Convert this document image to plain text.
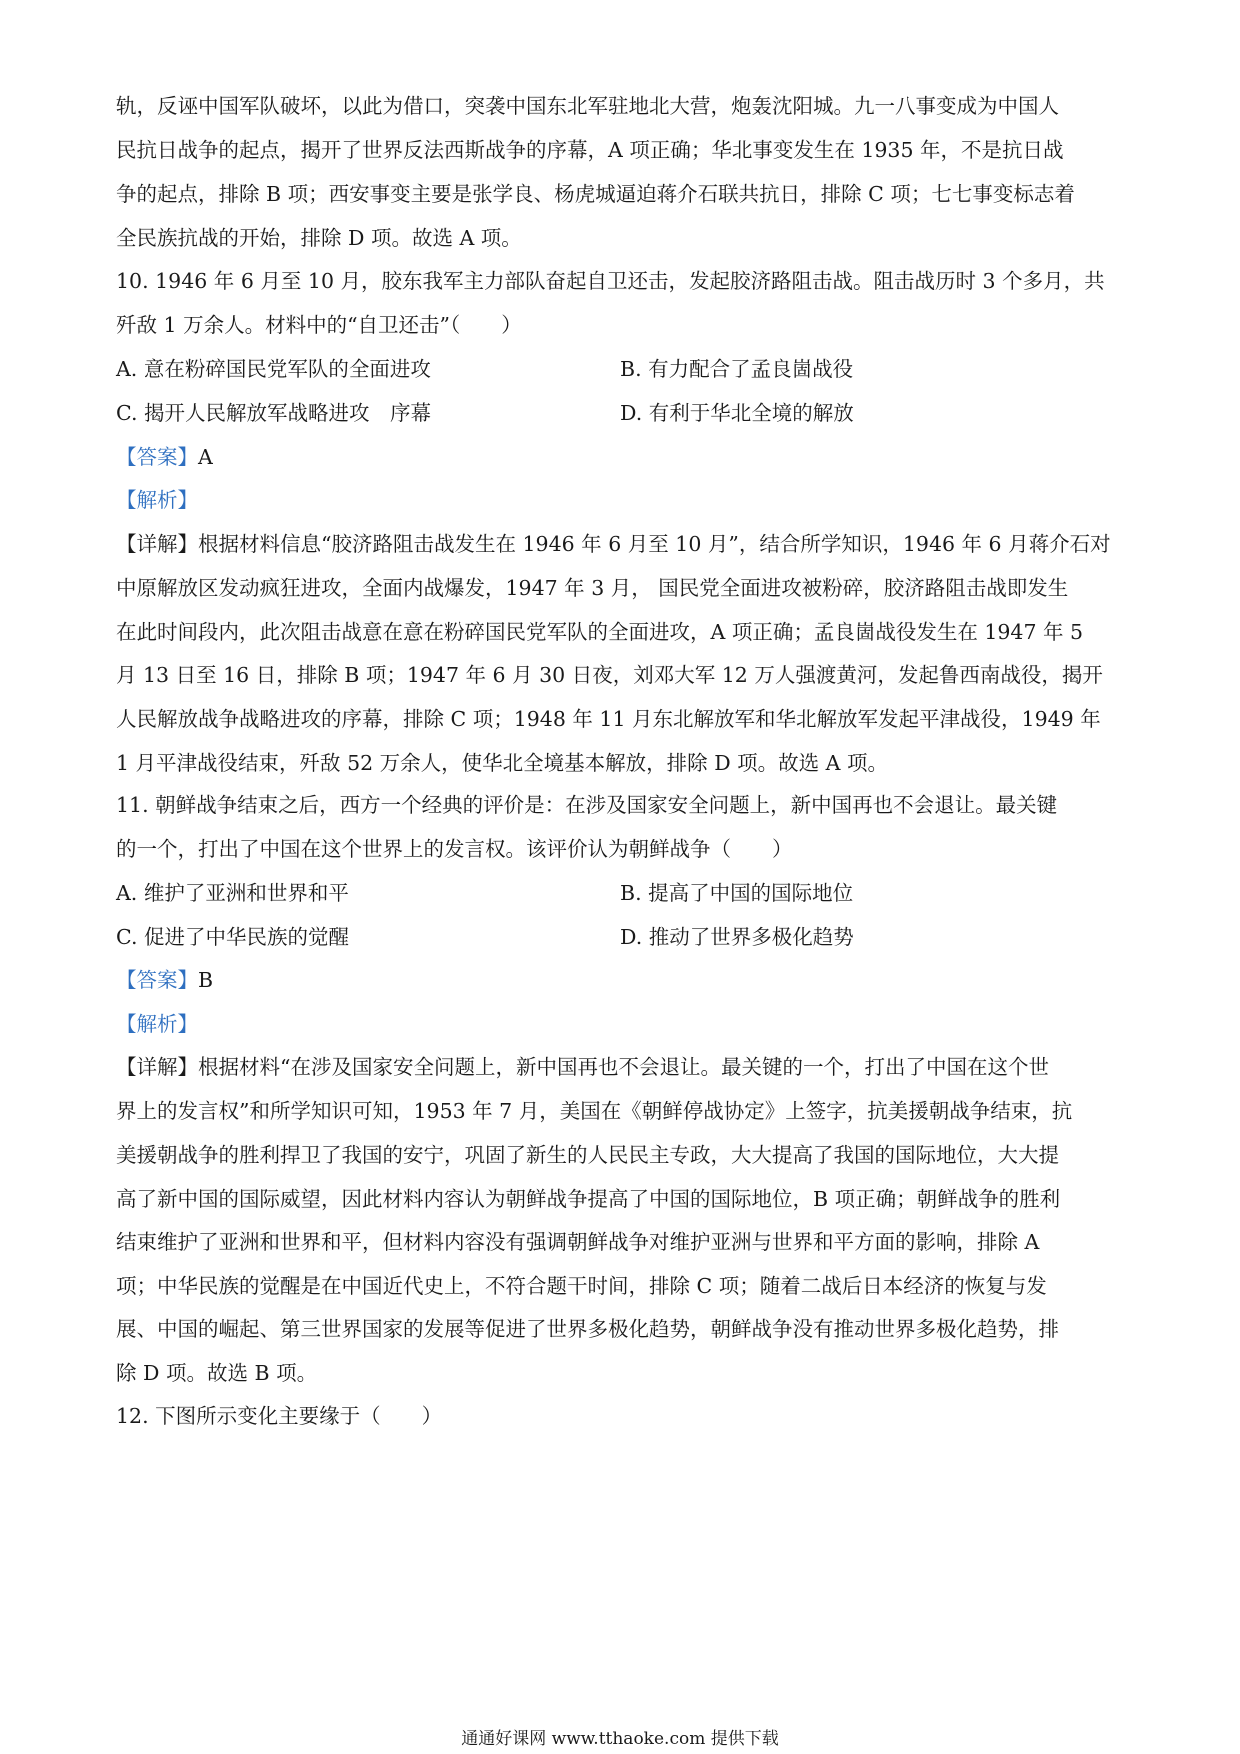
轨，反诬中国军队破坏，以此为借口，突袭中国东北军驻地北大营，炮轰沈阳城。九一八事变成为中国人
民抗日战争的起点，揭开了世界反法西斯战争的序幕，A 项正确；华北事变发生在 1935 年，不是抗日战
争的起点，排除 B 项；西安事变主要是张学良、杨虎城逼迫蒋介石联共抗日，排除 C 项；七七事变标志着
全民族抗战的开始，排除 D 项。故选 A 项。
10. 1946 年 6 月至 10 月，胶东我军主力部队奋起自卫还击，发起胶济路阻击战。阻击战历时 3 个多月，共
歼敌 1 万余人。材料中的“自卫还击”（　　）
A. 意在粉碎国民党军队的全面进攻	B. 有力配合了孟良崮战役
C. 揭开人民解放军战略进攻　序幕	D. 有利于华北全境的解放
【答案】A
【解析】
【详解】根据材料信息“胶济路阻击战发生在 1946 年 6 月至 10 月”，结合所学知识，1946 年 6 月蒋介石对
中原解放区发动疯狂进攻，全面内战爆发，1947 年 3 月， 国民党全面进攻被粉碎，胶济路阻击战即发生
在此时间段内，此次阻击战意在意在粉碎国民党军队的全面进攻，A 项正确；孟良崮战役发生在 1947 年 5
月 13 日至 16 日，排除 B 项；1947 年 6 月 30 日夜，刘邓大军 12 万人强渡黄河，发起鲁西南战役，揭开
人民解放战争战略进攻的序幕，排除 C 项；1948 年 11 月东北解放军和华北解放军发起平津战役，1949 年
1 月平津战役结束，歼敌 52 万余人，使华北全境基本解放，排除 D 项。故选 A 项。
11. 朝鲜战争结束之后，西方一个经典的评价是：在涉及国家安全问题上，新中国再也不会退让。最关键
的一个，打出了中国在这个世界上的发言权。该评价认为朝鲜战争（　　）
A. 维护了亚洲和世界和平	B. 提高了中国的国际地位
C. 促进了中华民族的觉醒	D. 推动了世界多极化趋势
【答案】B
【解析】
【详解】根据材料“在涉及国家安全问题上，新中国再也不会退让。最关键的一个，打出了中国在这个世
界上的发言权”和所学知识可知，1953 年 7 月，美国在《朝鲜停战协定》上签字，抗美援朝战争结束，抗
美援朝战争的胜利捍卫了我国的安宁，巩固了新生的人民民主专政，大大提高了我国的国际地位，大大提
高了新中国的国际威望，因此材料内容认为朝鲜战争提高了中国的国际地位，B 项正确；朝鲜战争的胜利
结束维护了亚洲和世界和平，但材料内容没有强调朝鲜战争对维护亚洲与世界和平方面的影响，排除 A
项；中华民族的觉醒是在中国近代史上，不符合题干时间，排除 C 项；随着二战后日本经济的恢复与发
展、中国的崛起、第三世界国家的发展等促进了世界多极化趋势，朝鲜战争没有推动世界多极化趋势，排
除 D 项。故选 B 项。
12. 下图所示变化主要缘于（　　）
通通好课网 www.tthaoke.com 提供下载
